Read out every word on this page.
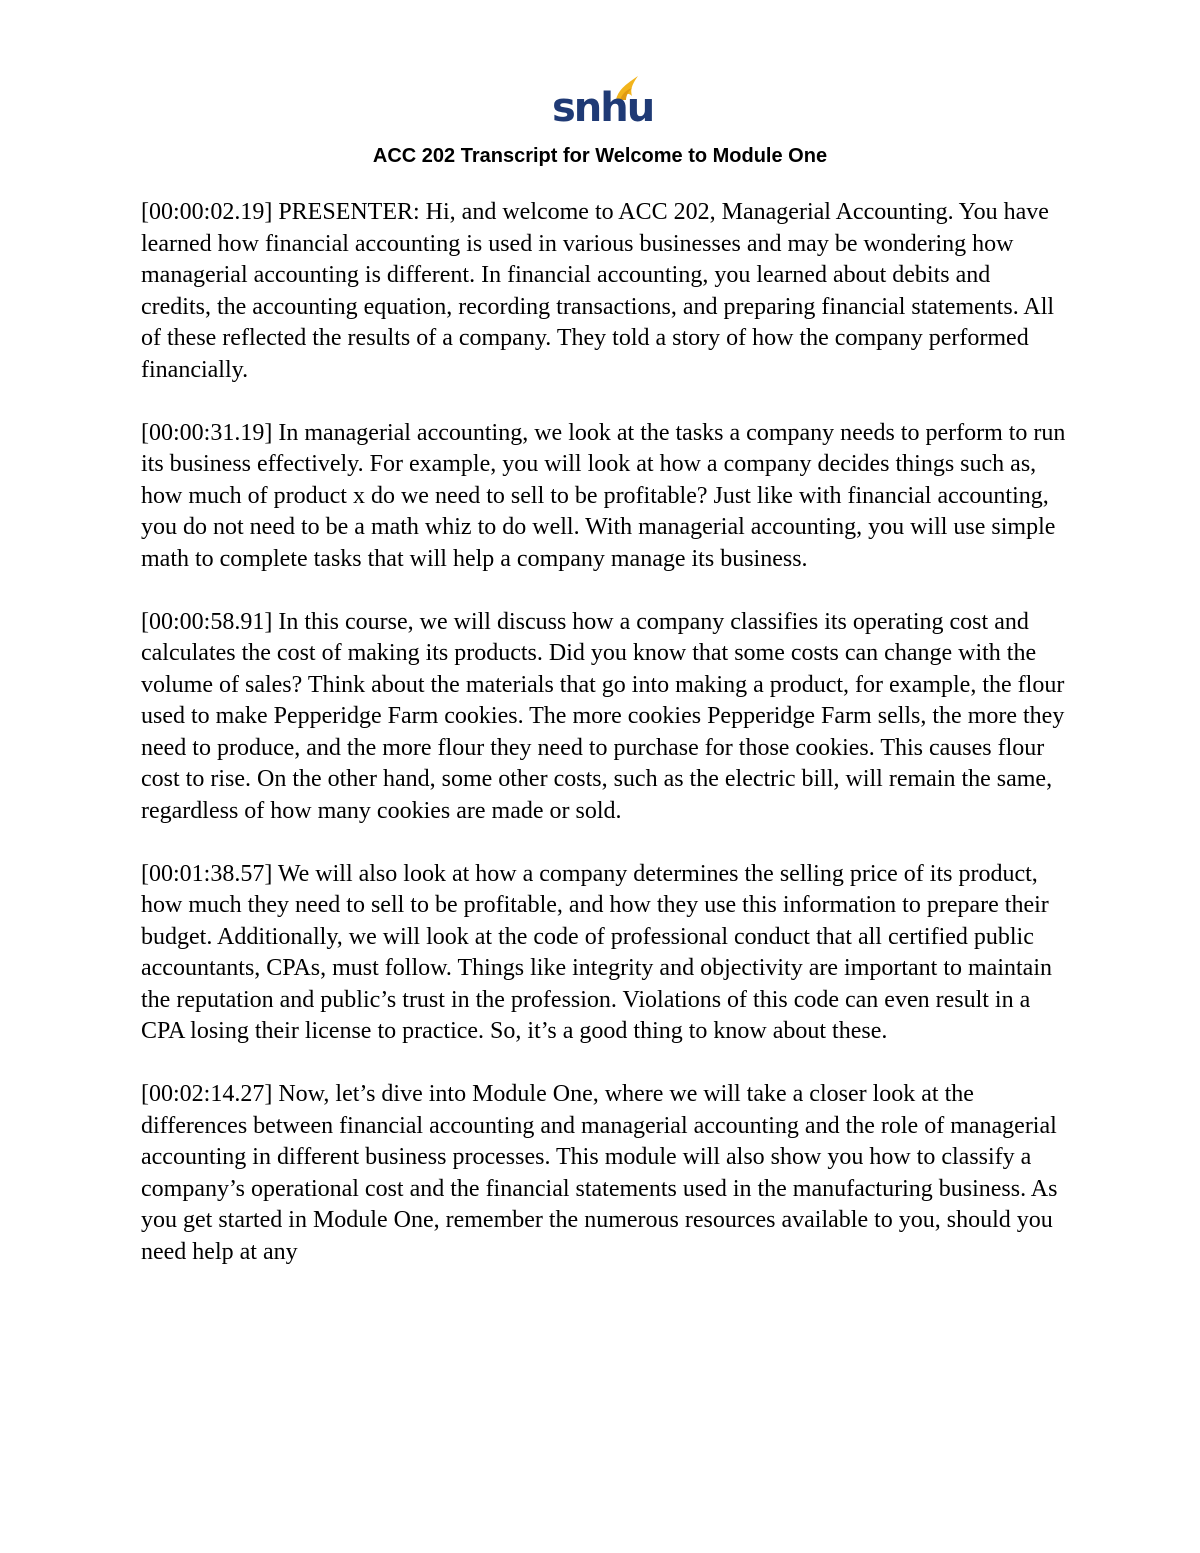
snhu
ACC 202 Transcript for Welcome to Module One

[00:00:02.19] PRESENTER: Hi, and welcome to ACC 202, Managerial Accounting. You have learned how financial accounting is used in various businesses and may be wondering how managerial accounting is different. In financial accounting, you learned about debits and credits, the accounting equation, recording transactions, and preparing financial statements. All of these reflected the results of a company. They told a story of how the company performed financially.

[00:00:31.19] In managerial accounting, we look at the tasks a company needs to perform to run its business effectively. For example, you will look at how a company decides things such as, how much of product x do we need to sell to be profitable? Just like with financial accounting, you do not need to be a math whiz to do well. With managerial accounting, you will use simple math to complete tasks that will help a company manage its business.

[00:00:58.91] In this course, we will discuss how a company classifies its operating cost and calculates the cost of making its products. Did you know that some costs can change with the volume of sales? Think about the materials that go into making a product, for example, the flour used to make Pepperidge Farm cookies. The more cookies Pepperidge Farm sells, the more they need to produce, and the more flour they need to purchase for those cookies. This causes flour cost to rise. On the other hand, some other costs, such as the electric bill, will remain the same, regardless of how many cookies are made or sold.

[00:01:38.57] We will also look at how a company determines the selling price of its product, how much they need to sell to be profitable, and how they use this information to prepare their budget. Additionally, we will look at the code of professional conduct that all certified public accountants, CPAs, must follow. Things like integrity and objectivity are important to maintain the reputation and public’s trust in the profession. Violations of this code can even result in a CPA losing their license to practice. So, it’s a good thing to know about these.

[00:02:14.27] Now, let’s dive into Module One, where we will take a closer look at the differences between financial accounting and managerial accounting and the role of managerial accounting in different business processes. This module will also show you how to classify a company’s operational cost and the financial statements used in the manufacturing business. As you get started in Module One, remember the numerous resources available to you, should you need help at any
